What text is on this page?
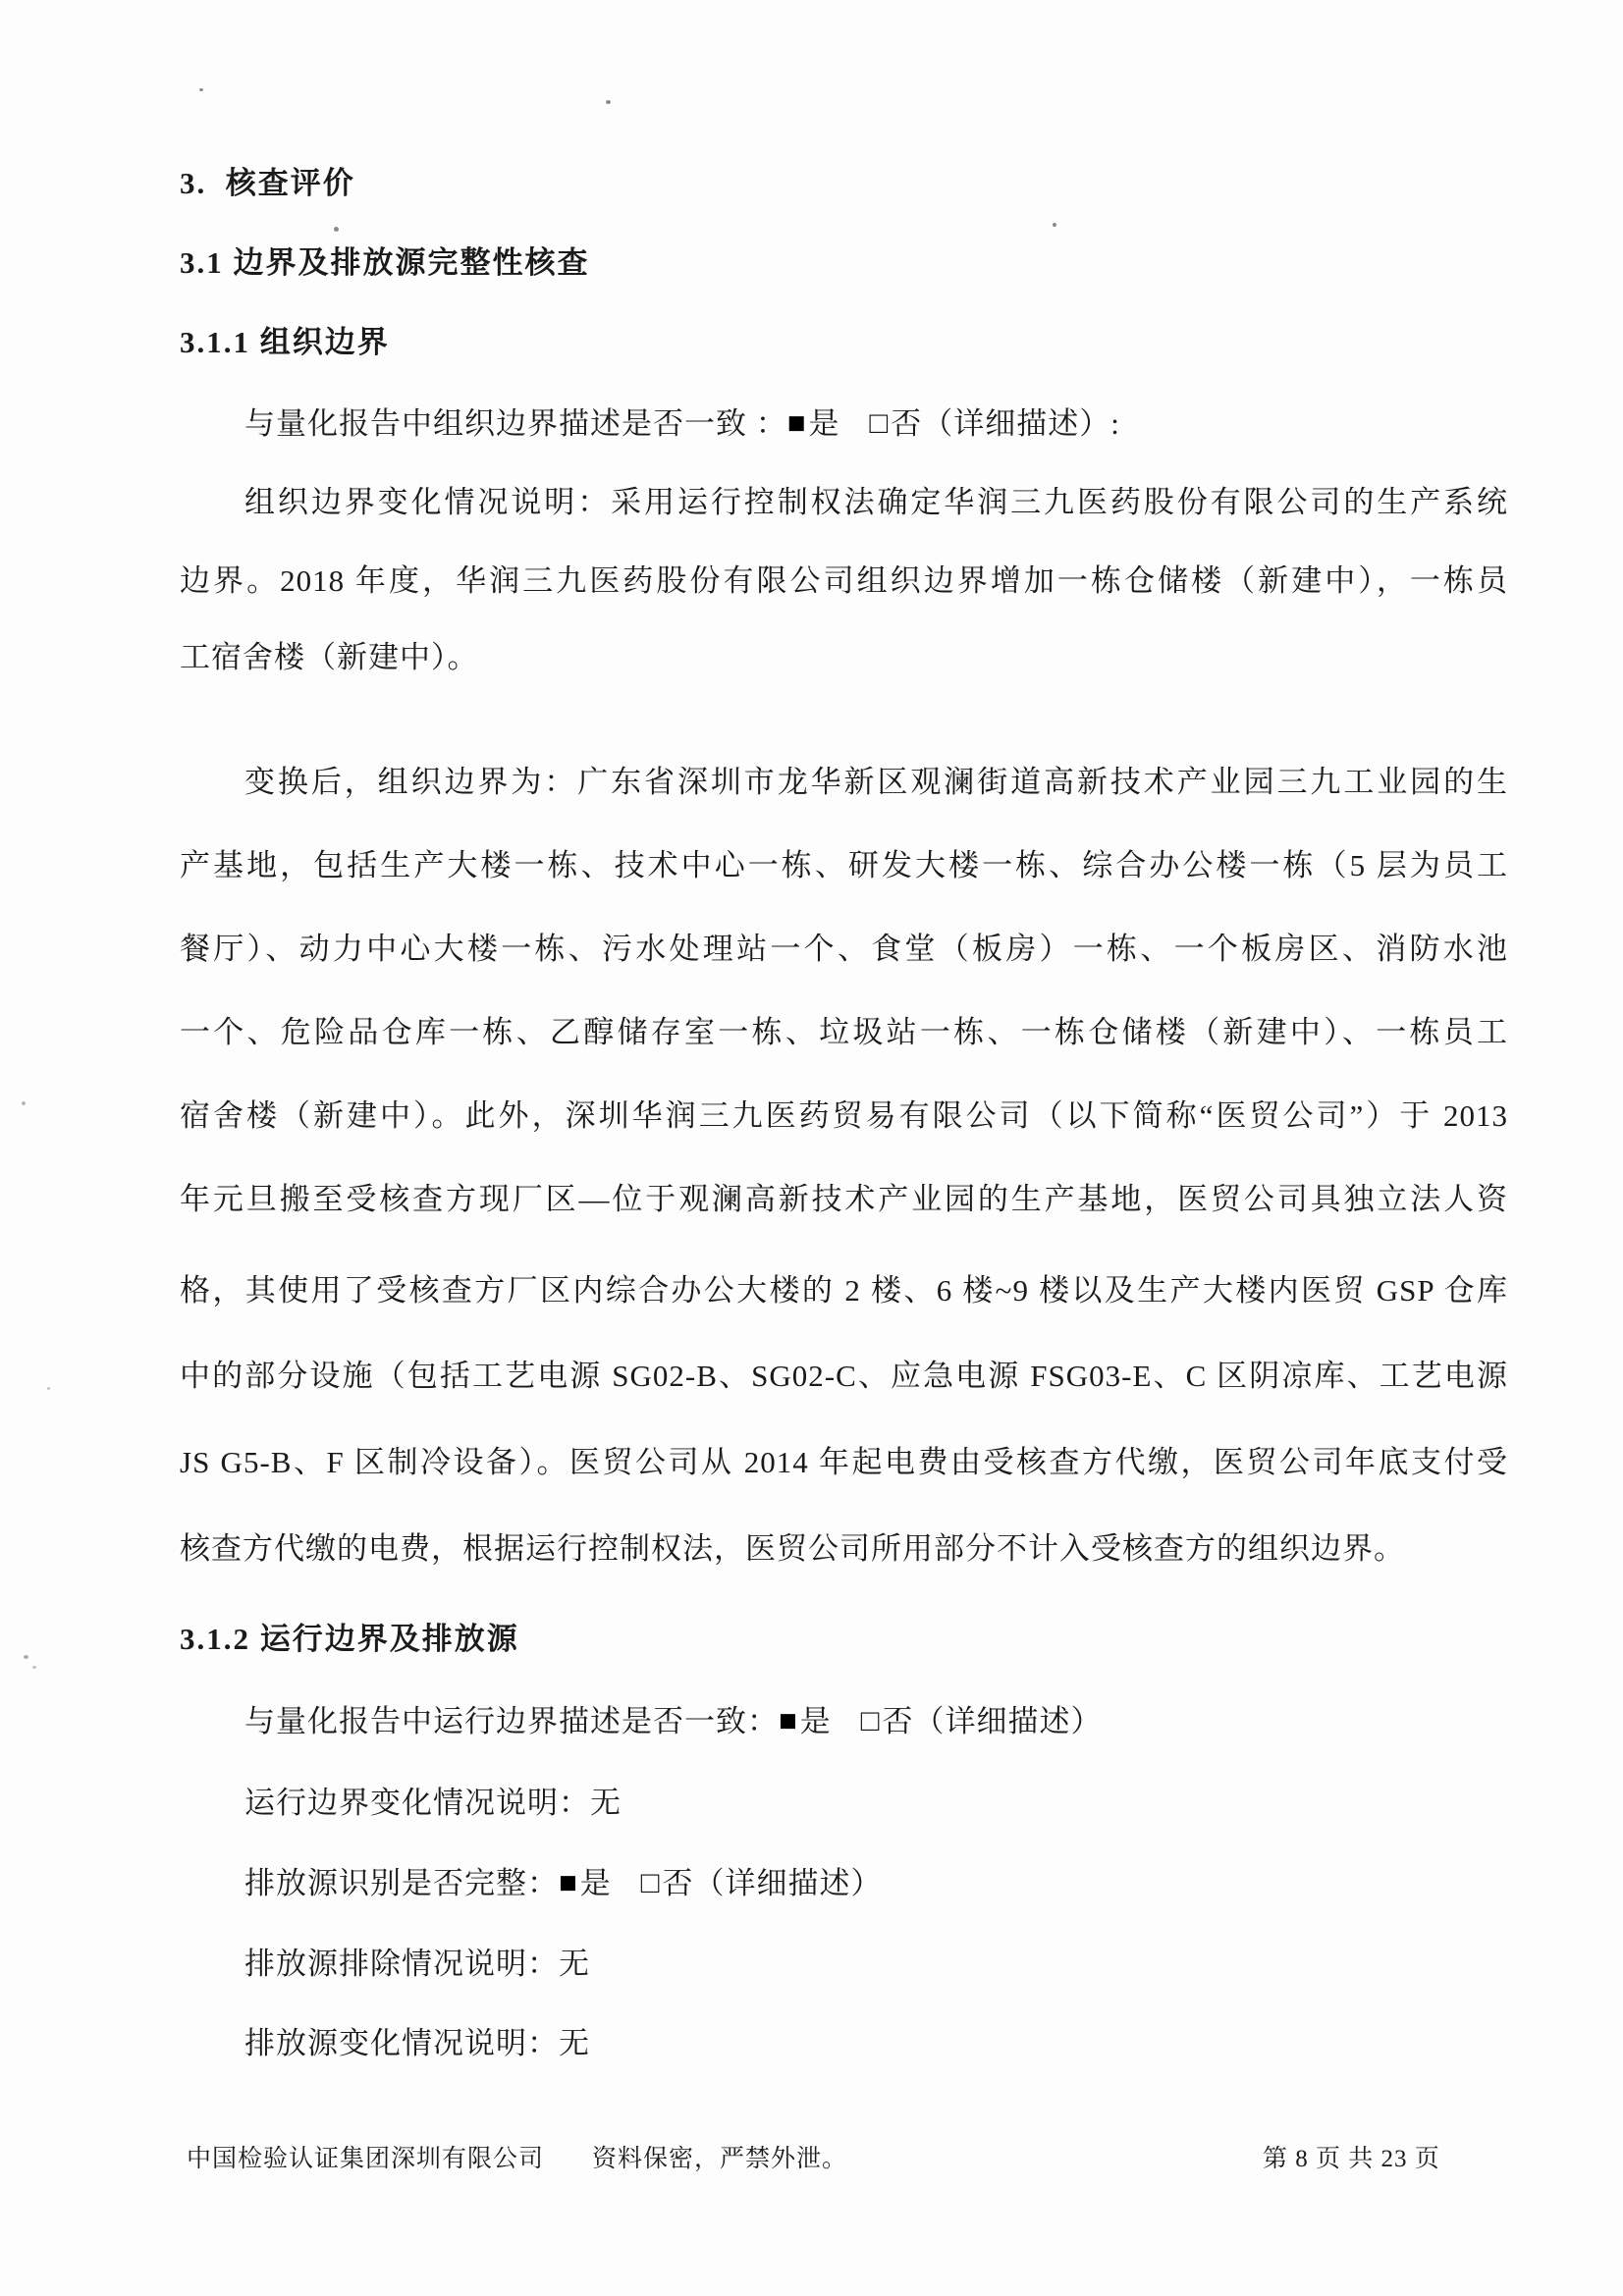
3.  核查评价
3.1 边界及排放源完整性核查
3.1.1 组织边界
与量化报告中组织边界描述是否一致 ：■是 □否（详细描述）:
组织边界变化情况说明：采用运行控制权法确定华润三九医药股份有限公司的生产系统
边界。2018 年度，华润三九医药股份有限公司组织边界增加一栋仓储楼（新建中），一栋员
工宿舍楼（新建中）。
变换后，组织边界为：广东省深圳市龙华新区观澜街道高新技术产业园三九工业园的生
产基地，包括生产大楼一栋、技术中心一栋、研发大楼一栋、综合办公楼一栋（5 层为员工
餐厅）、动力中心大楼一栋、污水处理站一个、食堂（板房）一栋、一个板房区、消防水池
一个、危险品仓库一栋、乙醇储存室一栋、垃圾站一栋、一栋仓储楼（新建中）、一栋员工
宿舍楼（新建中）。此外，深圳华润三九医药贸易有限公司（以下简称“医贸公司”）于 2013
年元旦搬至受核查方现厂区—位于观澜高新技术产业园的生产基地，医贸公司具独立法人资
格，其使用了受核查方厂区内综合办公大楼的 2 楼、6 楼~9 楼以及生产大楼内医贸 GSP 仓库
中的部分设施（包括工艺电源 SG02-B、SG02-C、应急电源 FSG03-E、C 区阴凉库、工艺电源
JS G5-B、F 区制冷设备）。医贸公司从 2014 年起电费由受核查方代缴，医贸公司年底支付受
核查方代缴的电费，根据运行控制权法，医贸公司所用部分不计入受核查方的组织边界。
3.1.2 运行边界及排放源
与量化报告中运行边界描述是否一致：■是 □否（详细描述）
运行边界变化情况说明：无
排放源识别是否完整：■是 □否（详细描述）
排放源排除情况说明：无
排放源变化情况说明：无
中国检验认证集团深圳有限公司 资料保密，严禁外泄。	第 8 页 共 23 页
